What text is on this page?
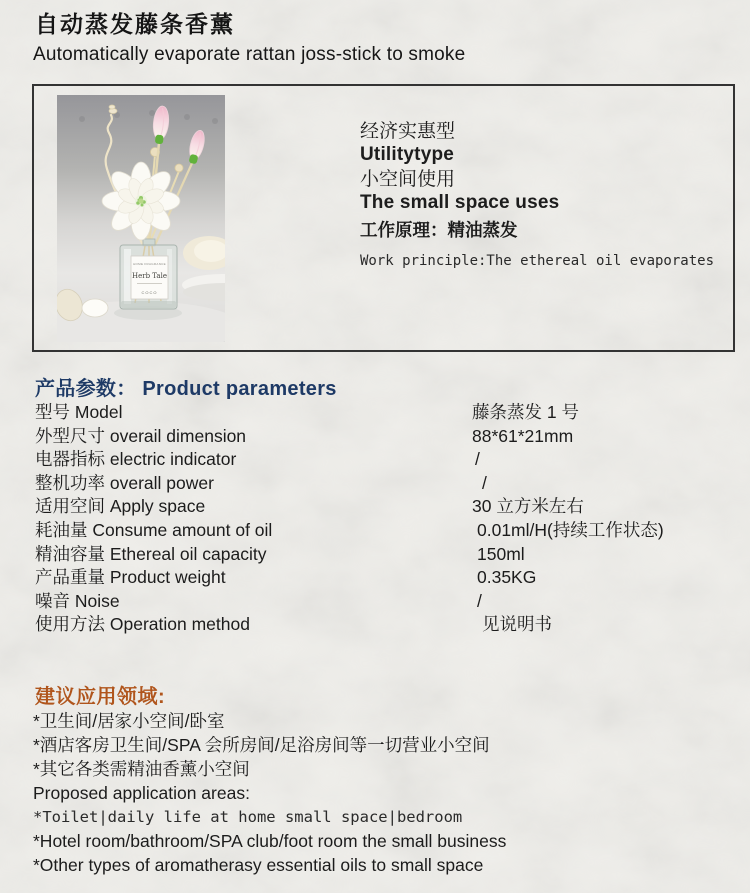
自动蒸发藤条香薰
Automatically evaporate rattan joss-stick to smoke
HOME FRAGRANCE
Herb Tale
COCO
经济实惠型
Utilitytype
小空间使用
The small space uses
工作原理：精油蒸发
Work principle:The ethereal oil evaporates
产品参数： Product parameters
型号 Model	藤条蒸发 1 号
外型尺寸 overail dimension	88*61*21mm
电器指标 electric indicator	/
整机功率 overall power	/
适用空间 Apply space	30 立方米左右
耗油量 Consume amount of oil	0.01ml/H(持续工作状态)
精油容量 Ethereal oil capacity	150ml
产品重量 Product weight	0.35KG
噪音 Noise	/
使用方法 Operation method	见说明书
建议应用领域:
*卫生间/居家小空间/卧室
*酒店客房卫生间/SPA 会所房间/足浴房间等一切营业小空间
*其它各类需精油香薰小空间
Proposed application areas:
*Toilet|daily life at home small space|bedroom
*Hotel room/bathroom/SPA club/foot room the small business
*Other types of aromatherasy essential oils to small space
